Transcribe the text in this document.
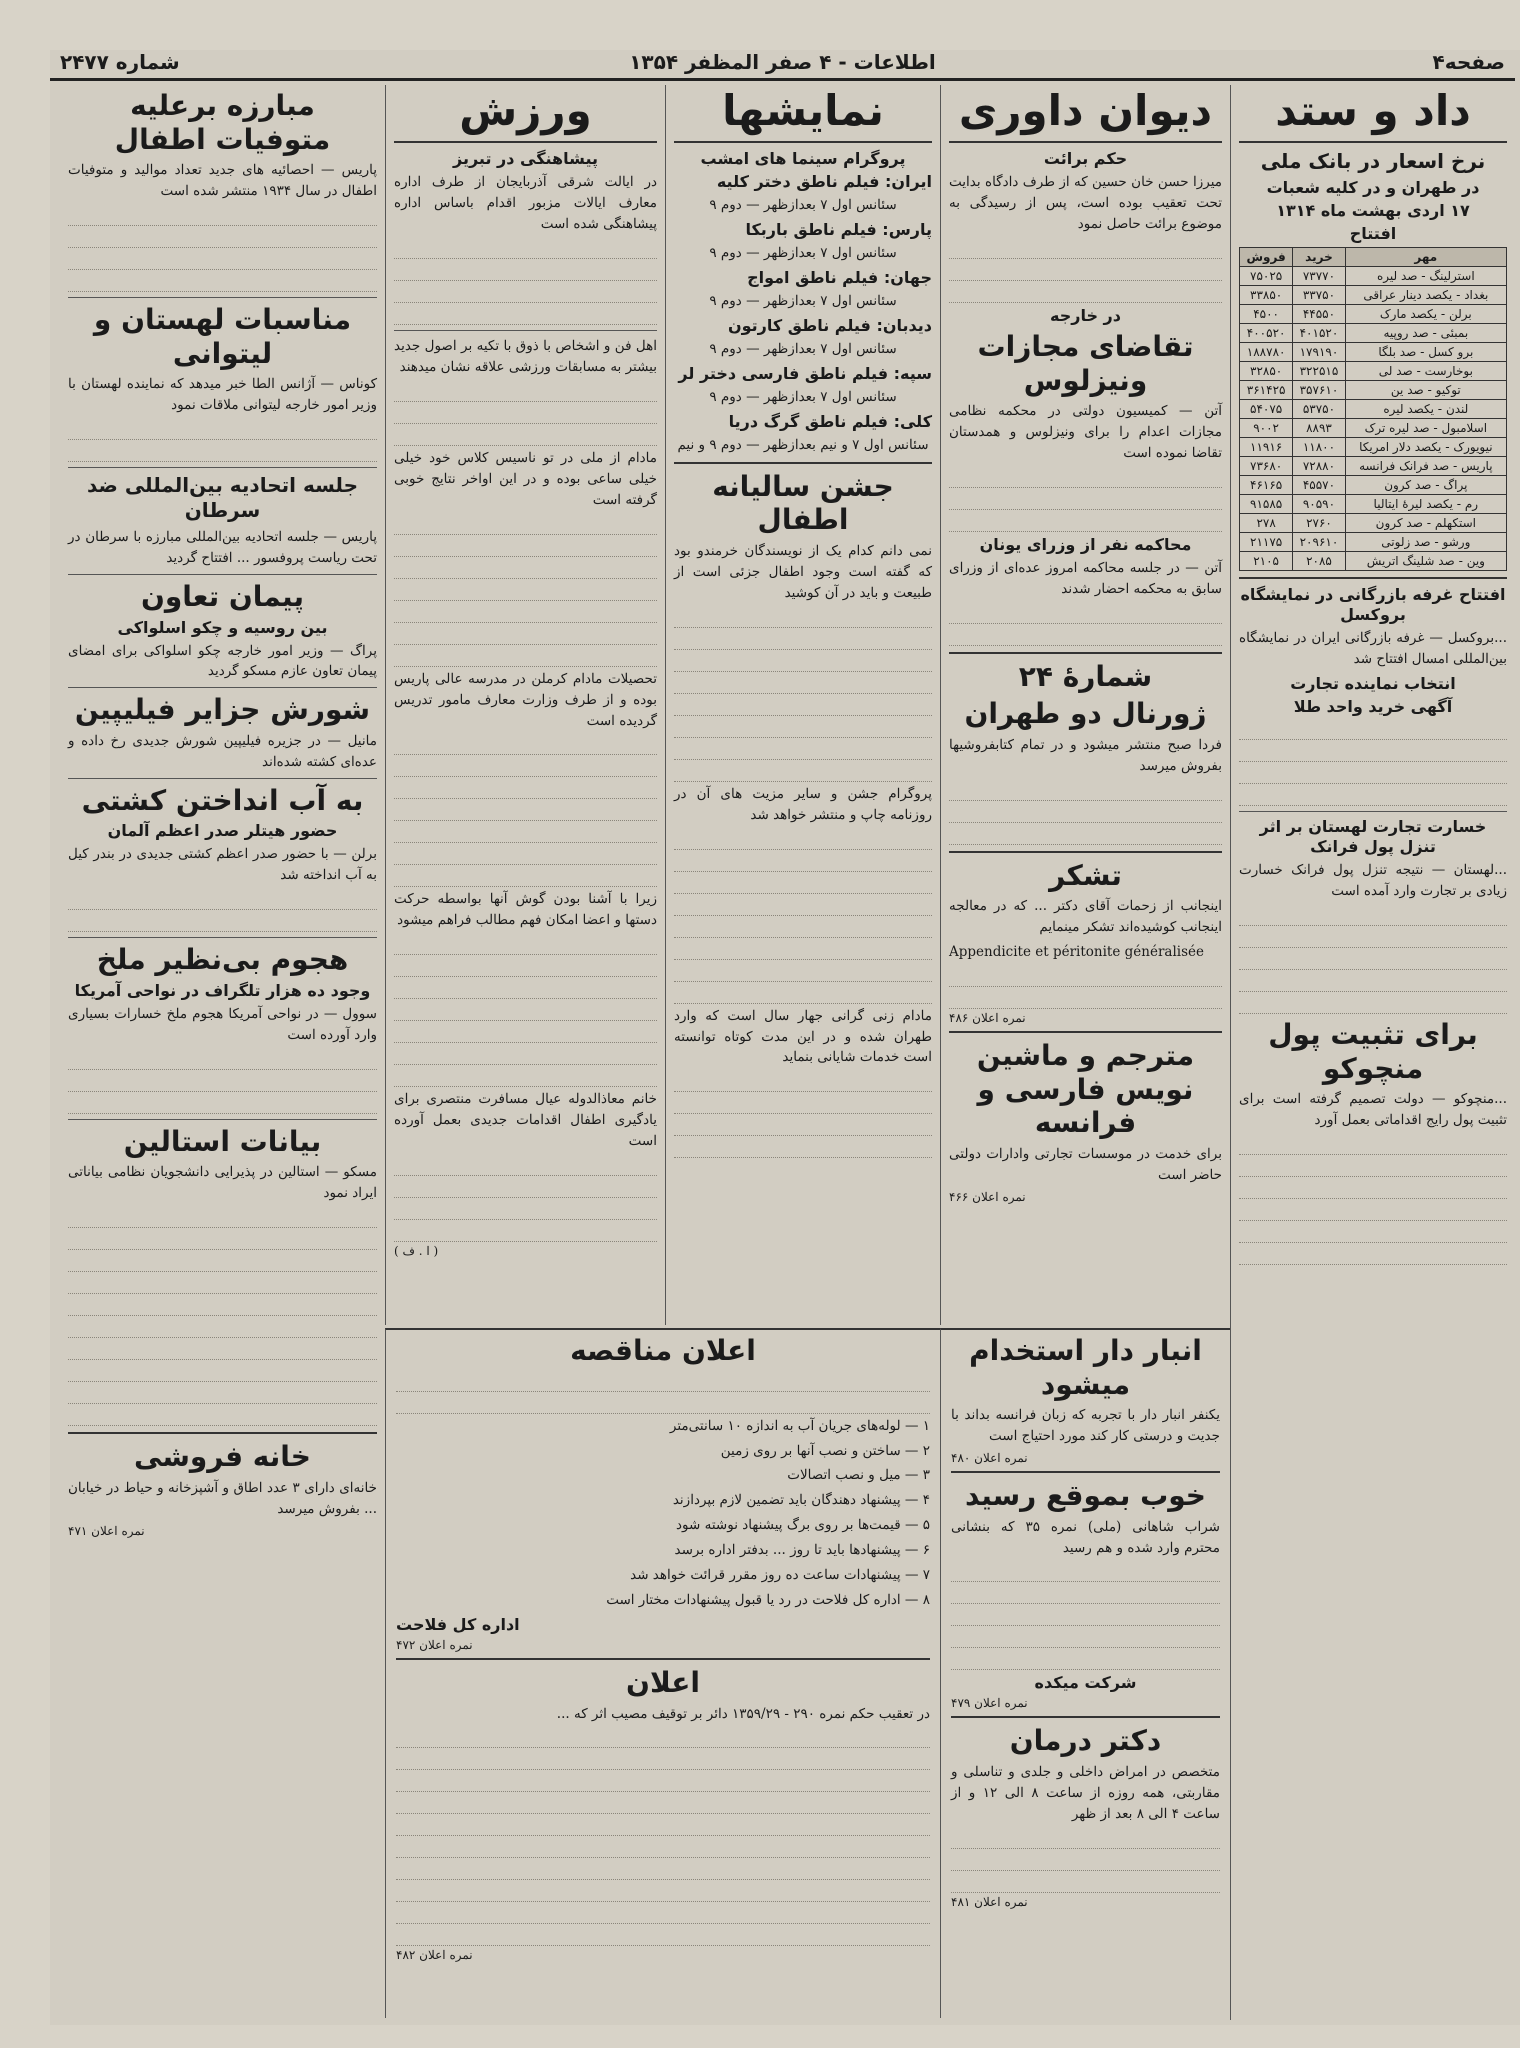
صفحه۴
اطلاعات - ۴ صفر المظفر ۱۳۵۴
شماره ۲۴۷۷
داد و ستد
نرخ اسعار در بانک ملی
در طهران و در کلیه شعبات
۱۷ اردی بهشت ماه ۱۳۱۴
افتتاح
مهر	خرید	فروش
استرلینگ - صد لیره	۷۳۷۷۰	۷۵۰۲۵
بغداد - یکصد دینار عراقی	۳۳۷۵۰	۳۳۸۵۰
برلن - یکصد مارک	۴۴۵۵۰	۴۵۰۰
بمبئی - صد روپیه	۴۰۱۵۲۰	۴۰۰۵۲۰
برو کسل - صد بلگا	۱۷۹۱۹۰	۱۸۸۷۸۰
بوخارست - صد لی	۳۲۲۵۱۵	۳۲۸۵۰
توکیو - صد ین	۳۵۷۶۱۰	۳۶۱۴۲۵
لندن - یکصد لیره	۵۳۷۵۰	۵۴۰۷۵
اسلامبول - صد لیره ترک	۸۸۹۳	۹۰۰۲
نیویورک - یکصد دلار امریکا	۱۱۸۰۰	۱۱۹۱۶
پاریس - صد فرانک فرانسه	۷۲۸۸۰	۷۳۶۸۰
پراگ - صد کرون	۴۵۵۷۰	۴۶۱۶۵
رم - یکصد لیرهٔ ایتالیا	۹۰۵۹۰	۹۱۵۸۵
استکهلم - صد کرون	۲۷۶۰	۲۷۸
ورشو - صد زلوتی	۲۰۹۶۱۰	۲۱۱۷۵
وین - صد شلینگ اتریش	۲۰۸۵	۲۱۰۵
افتتاح غرفه بازرگانی در نمایشگاه بروکسل

...بروکسل — غرفه بازرگانی ایران در نمایشگاه بین‌المللی امسال افتتاح شد

انتخاب نماینده تجارت
آگهی خرید واحد طلا
خسارت تجارت لهستان بر اثر تنزل پول فرانک

...لهستان — نتیجه تنزل پول فرانک خسارت زیادی بر تجارت وارد آمده است

برای تثبیت پول منچوکو

...منچوکو — دولت تصمیم گرفته است برای تثبیت پول رایج اقداماتی بعمل آورد

دیوان داوری
حکم برائت

میرزا حسن خان حسین که از طرف دادگاه بدایت تحت تعقیب بوده است، پس از رسیدگی به موضوع برائت حاصل نمود

در خارجه
تقاضای مجازات ونیزلوس

آتن — کمیسیون دولتی در محکمه نظامی مجازات اعدام را برای ونیزلوس و همدستان تقاضا نموده است

محاکمه‌ نفر از وزرای یونان

آتن — در جلسه محاکمه امروز عده‌ای از وزرای سابق به محکمه احضار شدند

شمارهٔ ۲۴
ژورنال دو طهران

فردا صبح منتشر میشود و در تمام کتابفروشیها بفروش میرسد

تشکر

اینجانب از زحمات آقای دکتر ... که در معالجه اینجانب کوشیده‌اند تشکر مینمایم

Appendicite et péritonite généralisée

نمره اعلان ۴۸۶
مترجم و ماشین نویس فارسی و فرانسه

برای خدمت در موسسات تجارتی وادارات دولتی حاضر است

نمره اعلان ۴۶۶
نمایشها
پروگرام سینما های امشب
ایران: فیلم ناطق دختر کلیه
سئانس اول ۷ بعدازظهر — دوم ۹
پارس: فیلم ناطق باربکا
سئانس اول ۷ بعدازظهر — دوم ۹
جهان: فیلم ناطق امواج
سئانس اول ۷ بعدازظهر — دوم ۹
دیدبان: فیلم ناطق کارتون
سئانس اول ۷ بعدازظهر — دوم ۹
سپه: فیلم ناطق فارسی دختر لر
سئانس اول ۷ بعدازظهر — دوم ۹
کلی: فیلم ناطق گرگ دریا
سئانس اول ۷ و نیم بعدازظهر — دوم ۹ و نیم
جشن سالیانه اطفال

نمی دانم کدام یک از نویسندگان خرمندو بود که گفته است وجود اطفال جزئی است از طبیعت و باید در آن کوشید

پروگرام جشن و سایر مزیت های آن در روزنامه چاپ و منتشر خواهد شد

مادام زنی گرانی جهار سال است که وارد طهران شده و در این مدت کوتاه توانسته است خدمات شایانی بنماید

ورزش
پیشاهنگی در تبریز

در ایالت شرقی آذربایجان از طرف اداره معارف ایالات مزبور اقدام باساس اداره پیشاهنگی شده است

اهل فن و اشخاص با ذوق با تکیه بر اصول جدید بیشتر به مسابقات ورزشی علاقه نشان میدهند

مادام از ملی در تو ناسیس کلاس خود خیلی خیلی ساعی بوده و در این اواخر نتایج خوبی گرفته است

تحصیلات مادام کرملن در مدرسه عالی پاریس بوده و از طرف وزارت معارف مامور تدریس گردیده است

زیرا با آشنا بودن گوش آنها بواسطه حرکت دستها و اعضا امکان فهم مطالب فراهم میشود

خانم معاذالدوله عیال مسافرت منتصری برای یادگیری اطفال اقدامات جدیدی بعمل آورده است

( ا . ف )
مبارزه برعلیه متوفیات اطفال

پاریس — احصائیه های جدید تعداد موالید و متوفیات اطفال در سال ۱۹۳۴ منتشر شده است

مناسبات لهستان و لیتوانی

کوناس — آژانس الطا خبر میدهد که نماینده لهستان با وزیر امور خارجه لیتوانی ملاقات نمود

جلسه اتحادیه بین‌المللی ضد سرطان

پاریس — جلسه اتحادیه بین‌المللی مبارزه با سرطان در تحت ریاست پروفسور ... افتتاح گردید

پیمان تعاون
بین روسیه و چکو اسلواکی

پراگ — وزیر امور خارجه چکو اسلواکی برای امضای پیمان تعاون عازم مسکو گردید

شورش جزایر فیلیپین

مانیل — در جزیره فیلیپین شورش جدیدی رخ داده و عده‌ای کشته شده‌اند

به آب انداختن کشتی
حضور هیتلر صدر اعظم آلمان

برلن — با حضور صدر اعظم کشتی جدیدی در بندر کیل به آب انداخته شد

هجوم بی‌نظیر ملخ
وجود ده هزار تلگراف در نواحی آمریکا

سوول — در نواحی آمریکا هجوم ملخ خسارات بسیاری وارد آورده است

بیانات استالین

مسکو — استالین در پذیرایی دانشجویان نظامی بیاناتی ایراد نمود

خانه فروشی

خانه‌ای دارای ۳ عدد اطاق و آشپزخانه و حیاط در خیابان ... بفروش میرسد

نمره اعلان ۴۷۱
اعلان مناقصه

۱ — لوله‌های جریان آب به اندازه ۱۰ سانتی‌متر

۲ — ساختن و نصب آنها بر روی زمین

۳ — میل و نصب اتصالات

۴ — پیشنهاد دهندگان باید تضمین لازم بپردازند

۵ — قیمت‌ها بر روی برگ پیشنهاد نوشته شود

۶ — پیشنهادها باید تا روز ... بدفتر اداره برسد

۷ — پیشنهادات ساعت ده روز مقرر قرائت خواهد شد

۸ — اداره کل فلاحت در رد یا قبول پیشنهادات مختار است

اداره کل فلاحت
نمره اعلان ۴۷۲
اعلان

در تعقیب حکم نمره ۲۹۰ - ۱۳۵۹/۲۹ دائر بر توقیف مصیب اثر که ...

نمره اعلان ۴۸۲
انبار دار استخدام میشود

یکنفر انبار دار با تجربه که زبان فرانسه بداند با جدیت و درستی کار کند مورد احتیاج است

نمره اعلان ۴۸۰
خوب بموقع رسید

شراب شاهانی (ملی) نمره ۳۵ که بنشانی محترم وارد شده و هم رسید

شرکت میکده
نمره اعلان ۴۷۹
دکتر درمان

متخصص در امراض داخلی و جلدی و تناسلی و مقاربتی، همه روزه از ساعت ۸ الی ۱۲ و از ساعت ۴ الی ۸ بعد از ظهر

نمره اعلان ۴۸۱
